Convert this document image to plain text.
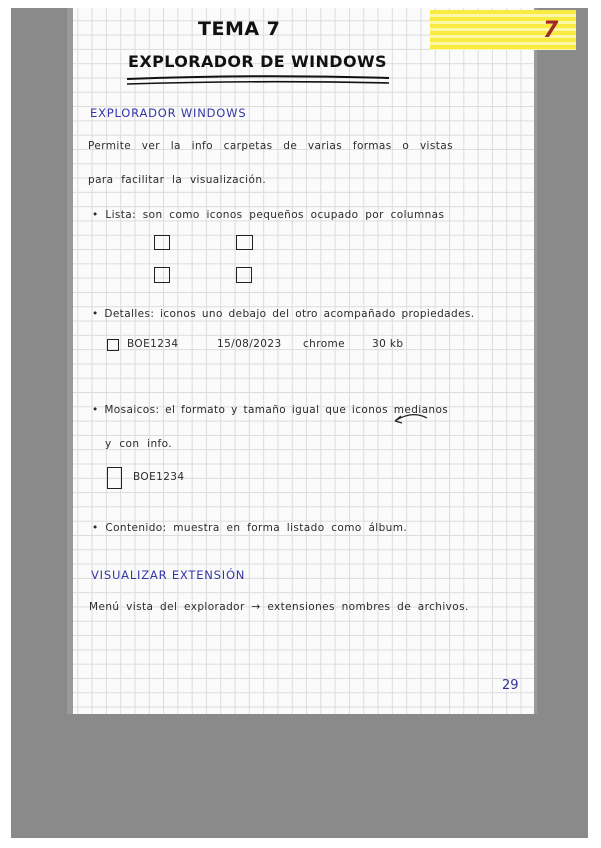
7
TEMA 7
EXPLORADOR DE WINDOWS
EXPLORADOR WINDOWS
Permite ver la info carpetas de varias formas o vistas
para facilitar la visualización.
• Lista: son como iconos pequeños ocupado por columnas
• Detalles: iconos uno debajo del otro acompañado propiedades.
BOE1234	15/08/2023 chrome	30 kb
• Mosaicos: el formato y tamaño igual que iconos medianos
y con info.
BOE1234
• Contenido: muestra en forma listado como álbum.
VISUALIZAR EXTENSIÓN
Menú vista del explorador → extensiones nombres de archivos.
29
